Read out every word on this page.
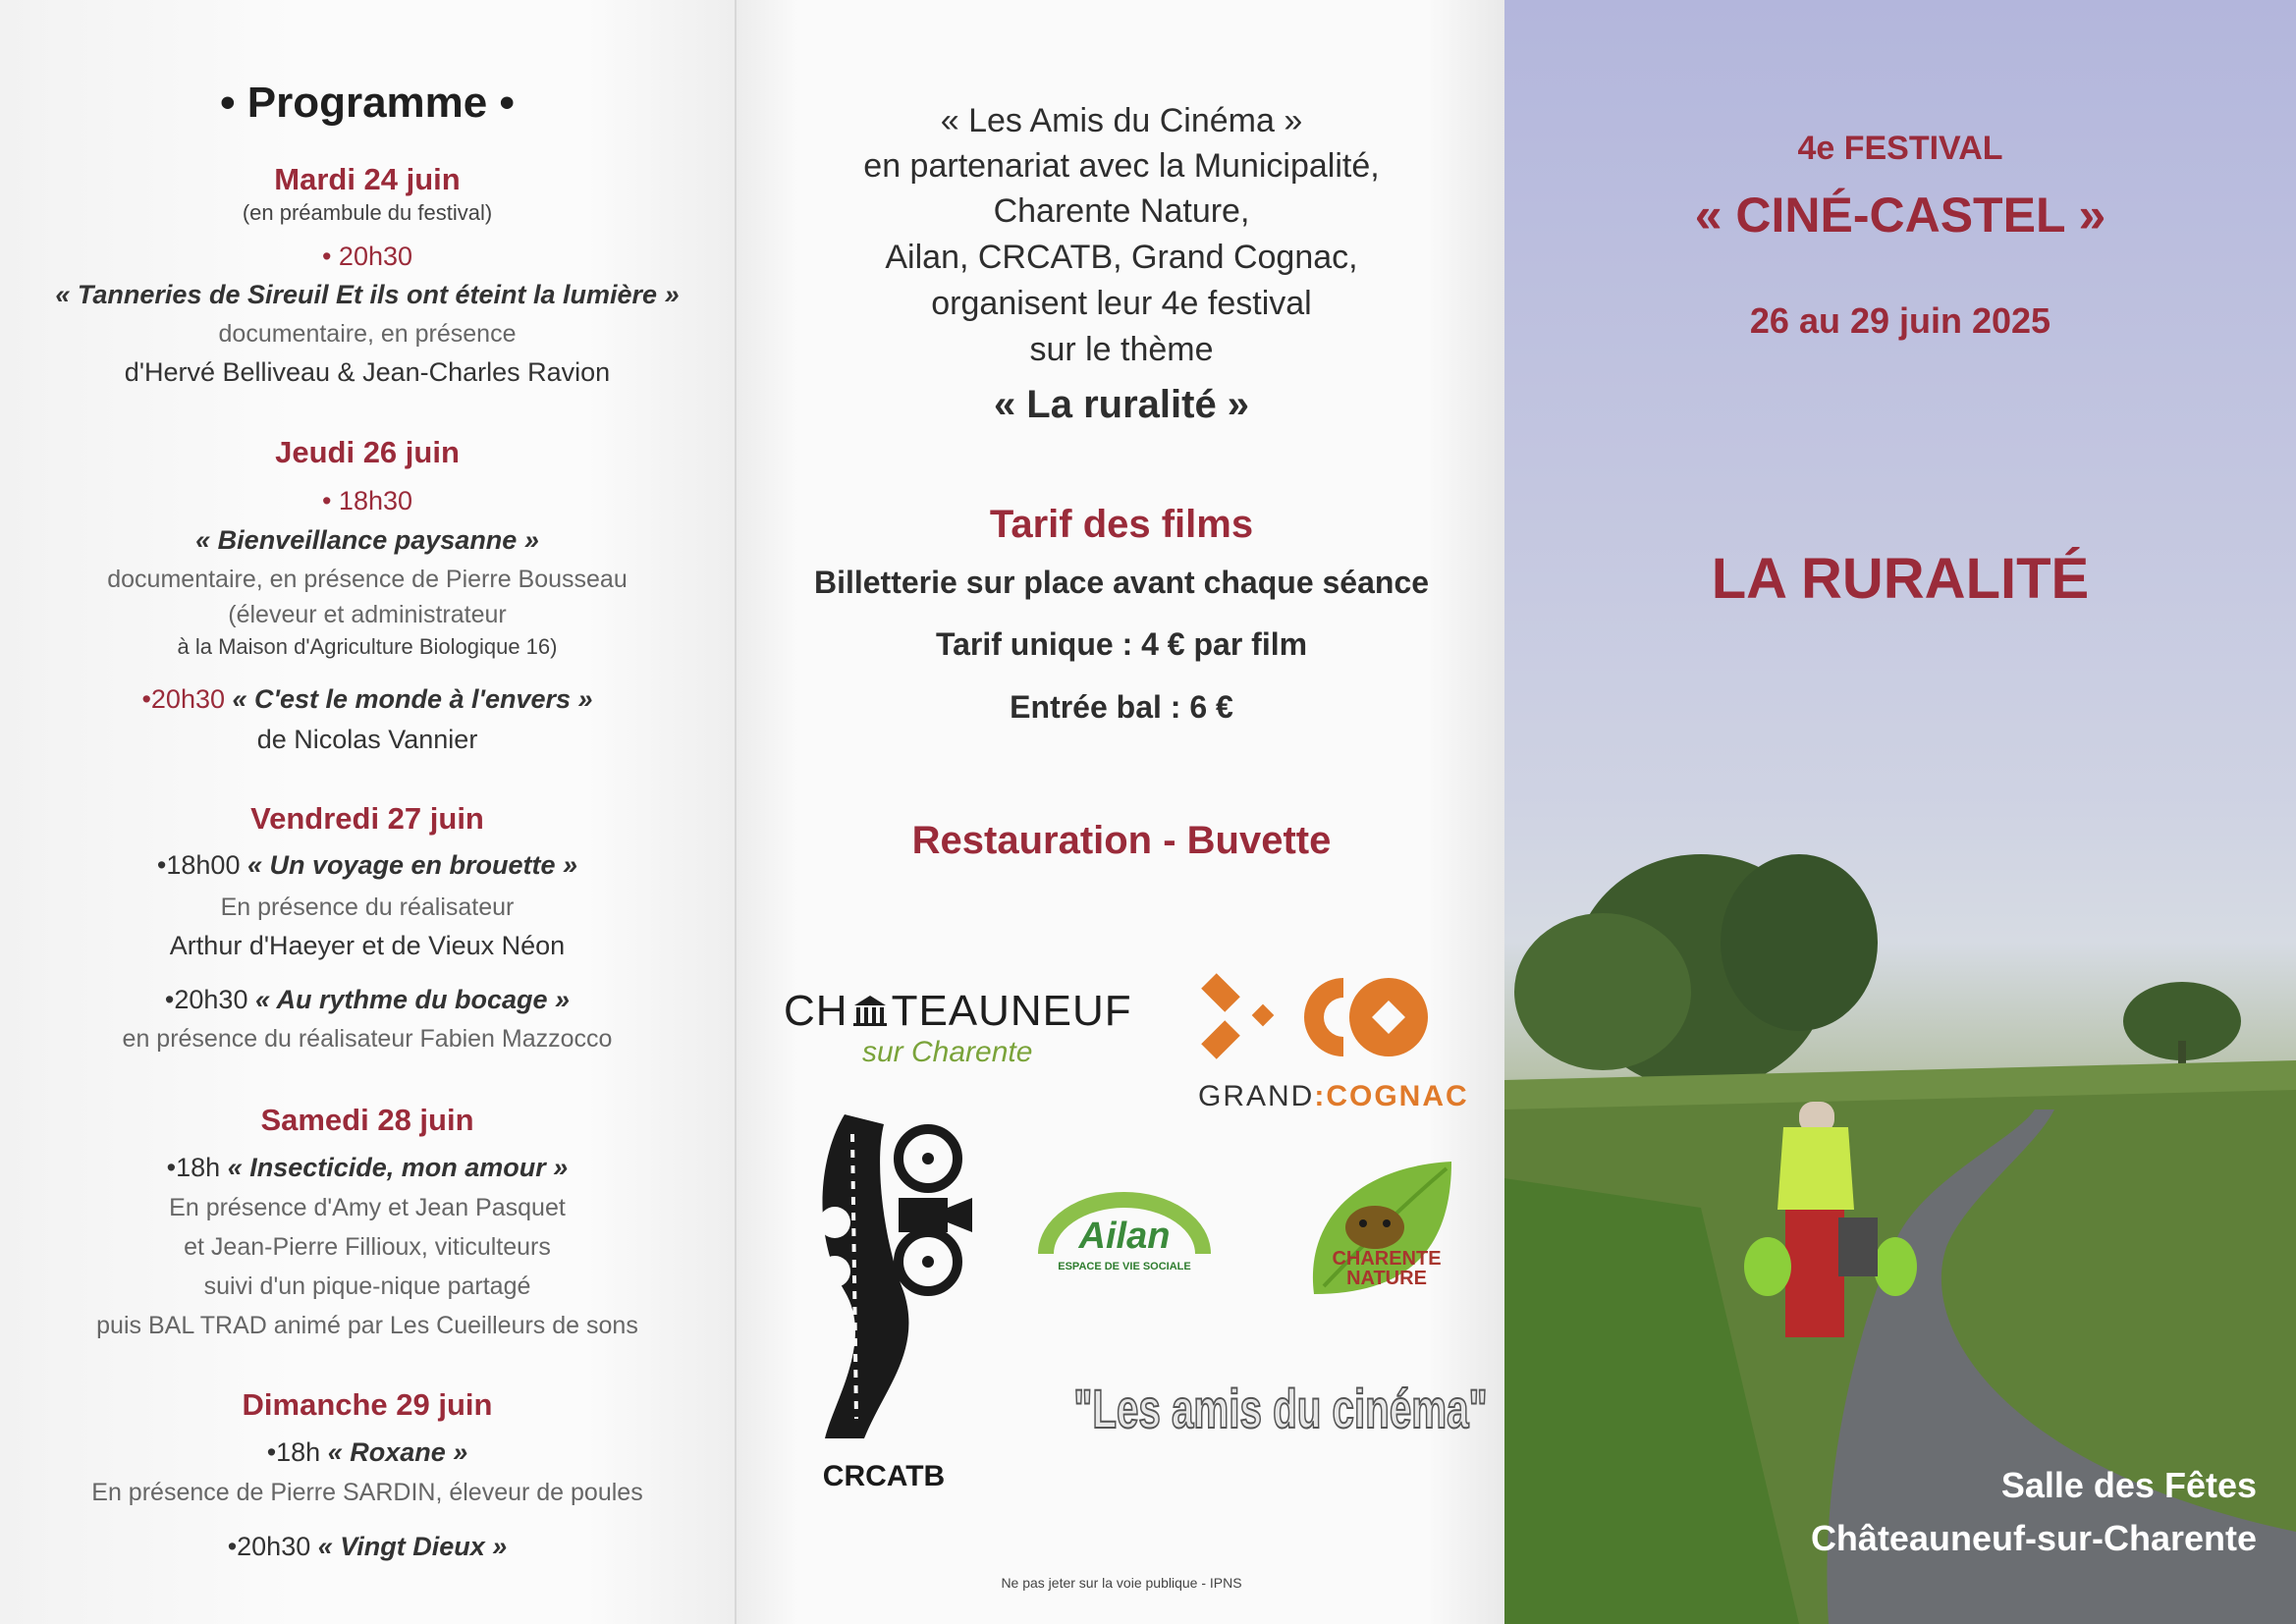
• Programme •
Mardi 24 juin
(en préambule du festival)
• 20h30
« Tanneries de Sireuil Et ils ont éteint la lumière »
documentaire, en présence
d'Hervé Belliveau & Jean-Charles Ravion
Jeudi 26 juin
• 18h30
« Bienveillance paysanne »
documentaire, en présence de Pierre Bousseau
(éleveur et administrateur
à la Maison d'Agriculture Biologique 16)
•20h30 « C'est le monde à l'envers »
de Nicolas Vannier
Vendredi 27 juin
•18h00 « Un voyage en brouette »
En présence du réalisateur
Arthur d'Haeyer et de Vieux Néon
•20h30 « Au rythme du bocage »
en présence du réalisateur Fabien Mazzocco
Samedi 28 juin
•18h « Insecticide, mon amour »
En présence d'Amy et Jean Pasquet
et Jean-Pierre Fillioux, viticulteurs
suivi d'un pique-nique partagé
puis BAL TRAD animé par Les Cueilleurs de sons
Dimanche 29 juin
•18h « Roxane »
En présence de Pierre SARDIN, éleveur de poules
•20h30 « Vingt Dieux »
« Les Amis du Cinéma »
en partenariat avec la Municipalité,
Charente Nature,
Ailan, CRCATB, Grand Cognac,
organisent leur 4e festival
sur le thème
« La ruralité »
Tarif des films
Billetterie sur place avant chaque séance
Tarif unique : 4 € par film
Entrée bal : 6 €
Restauration - Buvette
CH TEAUNEUF
sur Charente
GRAND:COGNAC
CRCATB
Ailan
ESPACE DE VIE SOCIALE	CHARENTE
NATURE
"Les amis du cinéma"
Ne pas jeter sur la voie publique - IPNS
4e FESTIVAL
« CINÉ-CASTEL »
26 au 29 juin 2025
LA RURALITÉ
Salle des Fêtes
Châteauneuf-sur-Charente
